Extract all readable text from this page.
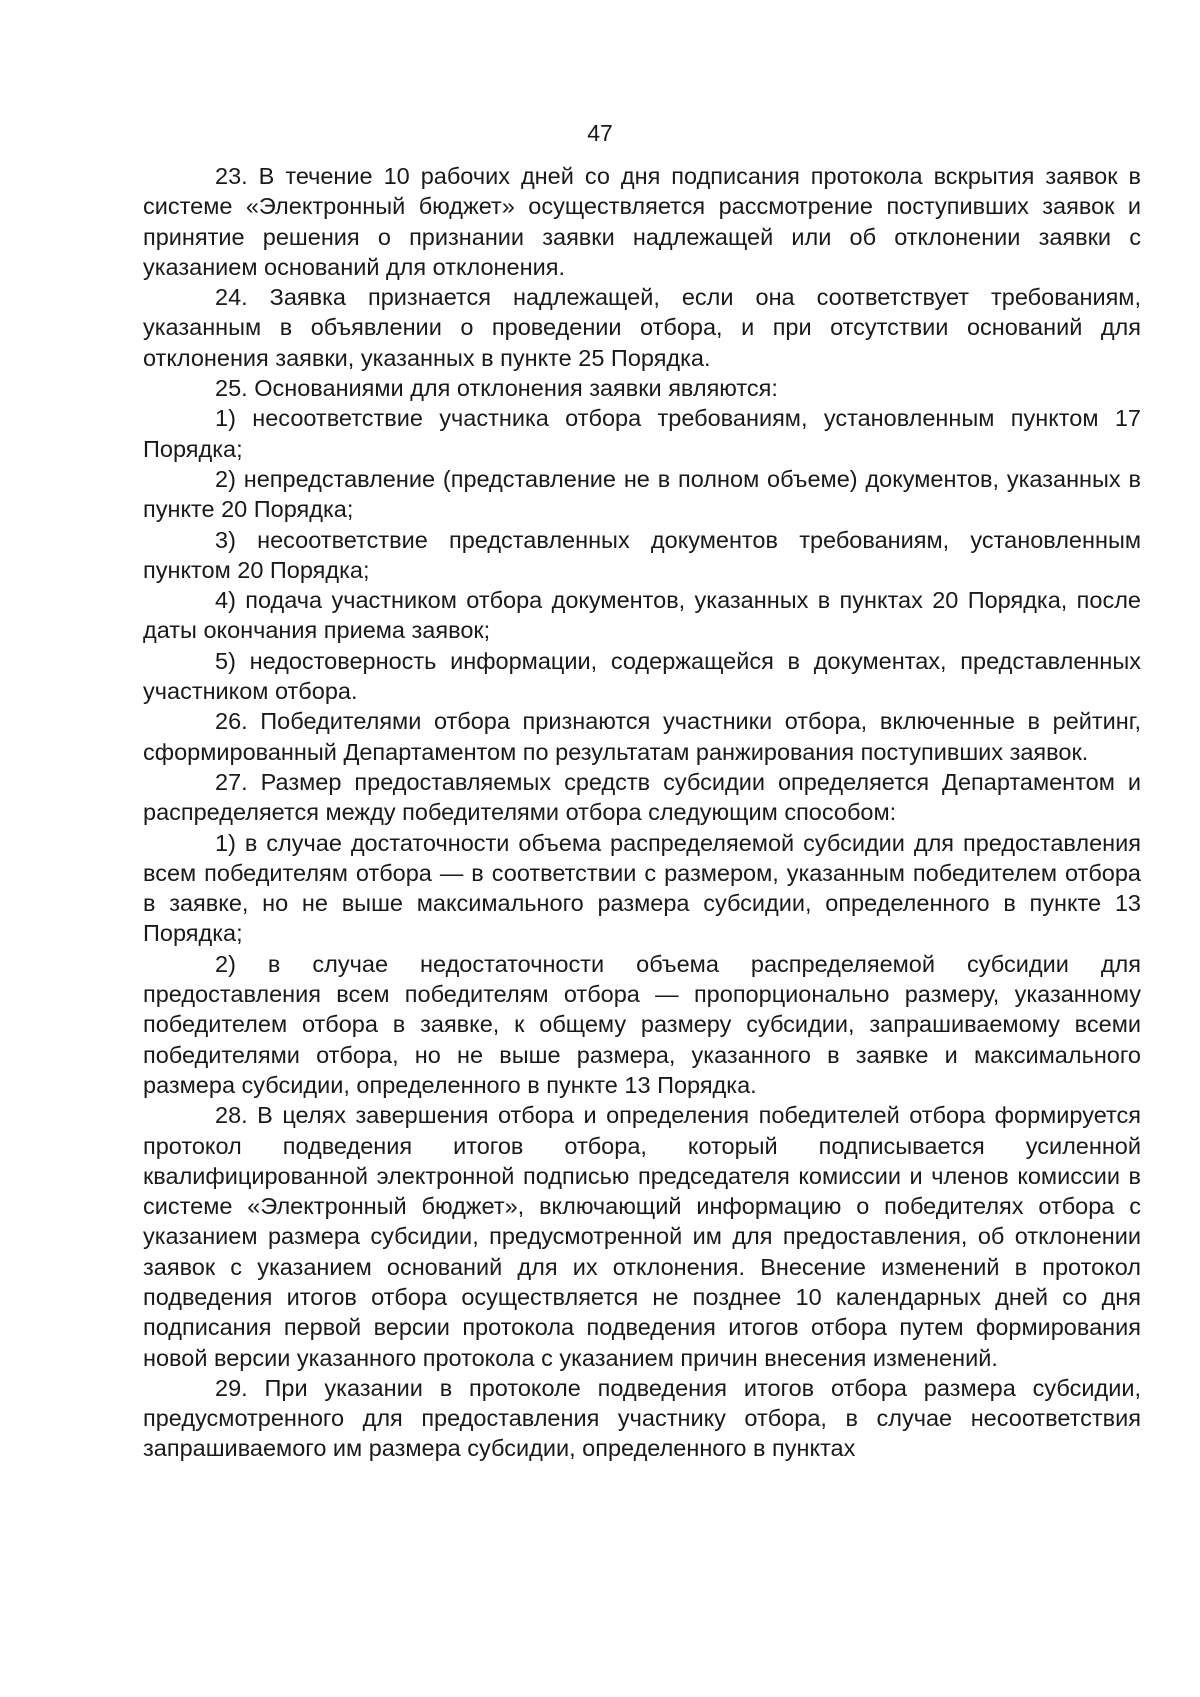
47

23. В течение 10 рабочих дней со дня подписания протокола вскрытия заявок в системе «Электронный бюджет» осуществляется рассмотрение поступивших заявок и принятие решения о признании заявки надлежащей или об отклонении заявки с указанием оснований для отклонения.

24. Заявка признается надлежащей, если она соответствует требованиям, указанным в объявлении о проведении отбора, и при отсутствии оснований для отклонения заявки, указанных в пункте 25 Порядка.

25. Основаниями для отклонения заявки являются:

1) несоответствие участника отбора требованиям, установленным пунктом 17 Порядка;

2) непредставление (представление не в полном объеме) документов, указанных в пункте 20 Порядка;

3) несоответствие представленных документов требованиям, установленным пунктом 20 Порядка;

4) подача участником отбора документов, указанных в пунктах 20 Порядка, после даты окончания приема заявок;

5) недостоверность информации, содержащейся в документах, представленных участником отбора.

26. Победителями отбора признаются участники отбора, включенные в рейтинг, сформированный Департаментом по результатам ранжирования поступивших заявок.

27. Размер предоставляемых средств субсидии определяется Департаментом и распределяется между победителями отбора следующим способом:

1) в случае достаточности объема распределяемой субсидии для предоставления всем победителям отбора — в соответствии с размером, указанным победителем отбора в заявке, но не выше максимального размера субсидии, определенного в пункте 13 Порядка;

2) в случае недостаточности объема распределяемой субсидии для предоставления всем победителям отбора — пропорционально размеру, указанному победителем отбора в заявке, к общему размеру субсидии, запрашиваемому всеми победителями отбора, но не выше размера, указанного в заявке и максимального размера субсидии, определенного в пункте 13 Порядка.

28. В целях завершения отбора и определения победителей отбора формируется протокол подведения итогов отбора, который подписывается усиленной квалифицированной электронной подписью председателя комиссии и членов комиссии в системе «Электронный бюджет», включающий информацию о победителях отбора с указанием размера субсидии, предусмотренной им для предоставления, об отклонении заявок с указанием оснований для их отклонения. Внесение изменений в протокол подведения итогов отбора осуществляется не позднее 10 календарных дней со дня подписания первой версии протокола подведения итогов отбора путем формирования новой версии указанного протокола с указанием причин внесения изменений.

29. При указании в протоколе подведения итогов отбора размера субсидии, предусмотренного для предоставления участнику отбора, в случае несоответствия запрашиваемого им размера субсидии, определенного в пунктах
